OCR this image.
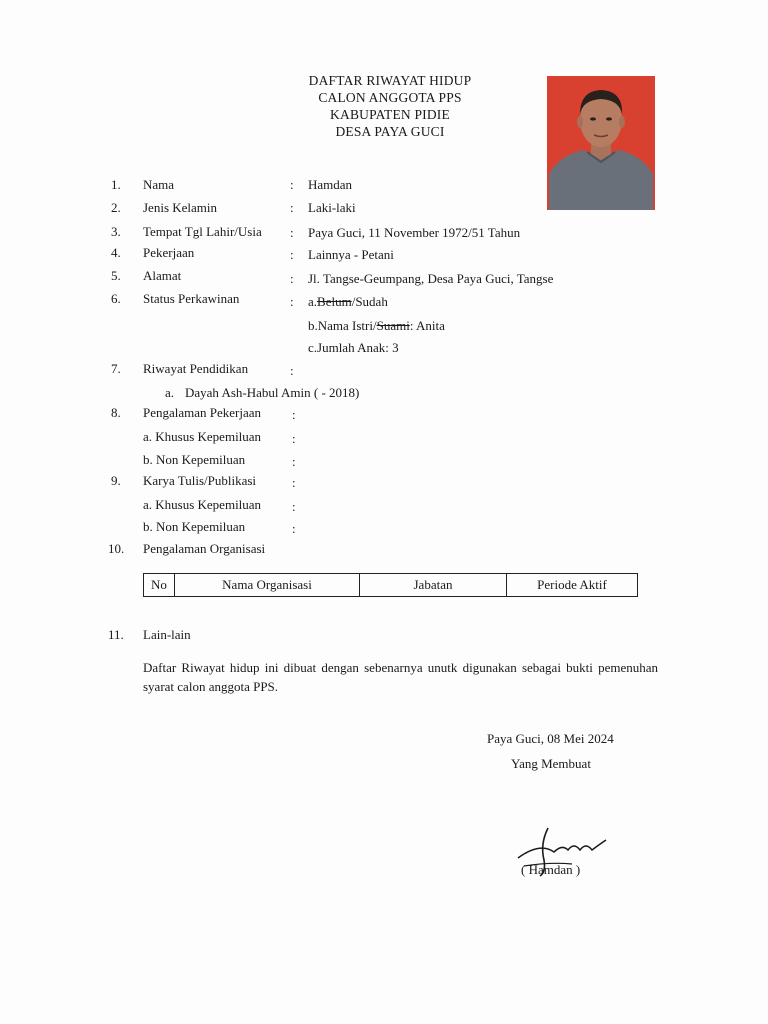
DAFTAR RIWAYAT HIDUP
CALON ANGGOTA PPS
KABUPATEN PIDIE
DESA PAYA GUCI
1. Nama	: Hamdan
2. Jenis Kelamin	: Laki-laki
3. Tempat Tgl Lahir/Usia : Paya Guci, 11 November 1972/51 Tahun
4. Pekerjaan	: Lainnya - Petani
5. Alamat	: Jl. Tangse-Geumpang, Desa Paya Guci, Tangse
6. Status Perkawinan	: a.Belum/Sudah
b.Nama Istri/Suami: Anita
c.Jumlah Anak: 3
7. Riwayat Pendidikan	:
a. Dayah Ash-Habul Amin ( - 2018)
8. Pengalaman Pekerjaan :
a. Khusus Kepemiluan :
b. Non Kepemiluan	:
9. Karya Tulis/Publikasi	:
a. Khusus Kepemiluan :
b. Non Kepemiluan	:
10. Pengalaman Organisasi
No	Nama Organisasi	Jabatan	Periode Aktif
11. Lain-lain
Daftar Riwayat hidup ini dibuat dengan sebenarnya unutk digunakan sebagai bukti pemenuhan syarat calon anggota PPS.
Paya Guci, 08 Mei 2024
Yang Membuat
Hamm
( Hamdan )
